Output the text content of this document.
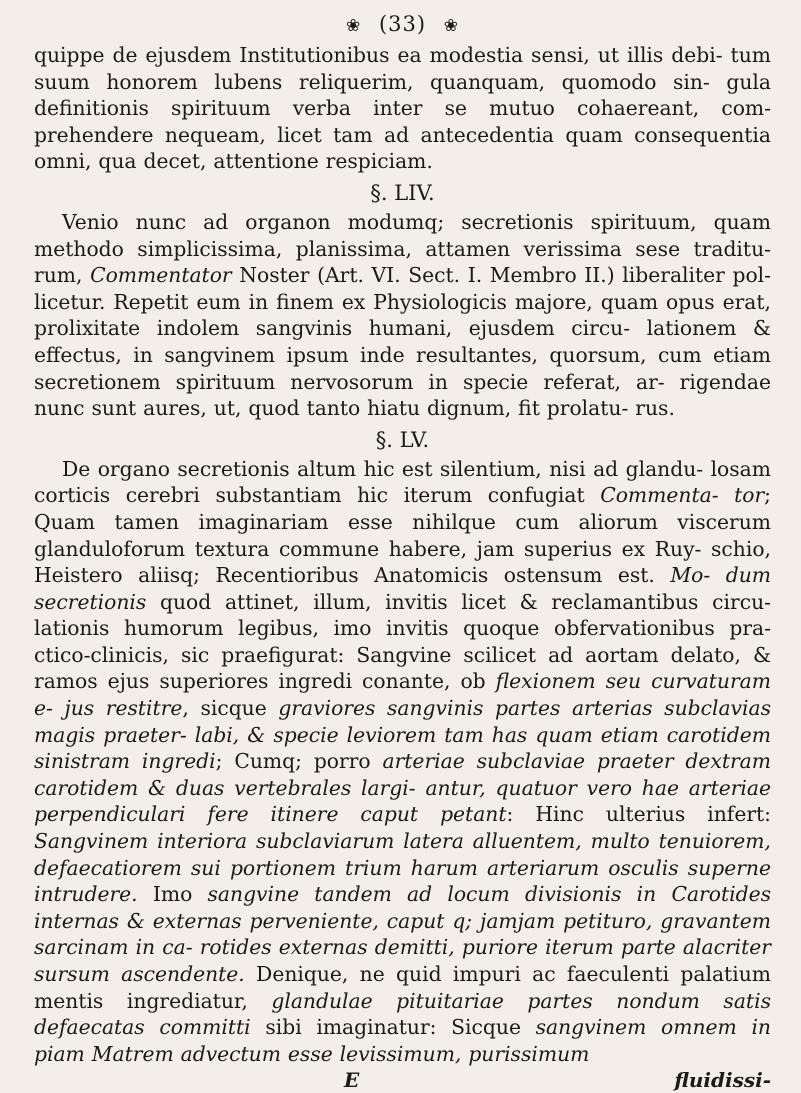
❀ (33) ❀

quippe de ejusdem Institutionibus ea modestia sensi, ut illis debi- tum suum honorem lubens reliquerim, quanquam, quomodo sin- gula definitionis spirituum verba inter se mutuo cohaereant, com- prehendere nequeam, licet tam ad antecedentia quam consequentia omni, qua decet, attentione respiciam.

§. LIV.

Venio nunc ad organon modumq; secretionis spirituum, quam methodo simplicissima, planissima, attamen verissima sese traditu- rum, Commentator Noster (Art. VI. Sect. I. Membro II.) liberaliter pol- licetur. Repetit eum in finem ex Physiologicis majore, quam opus erat, prolixitate indolem sangvinis humani, ejusdem circu- lationem & effectus, in sangvinem ipsum inde resultantes, quorsum, cum etiam secretionem spirituum nervosorum in specie referat, ar- rigendae nunc sunt aures, ut, quod tanto hiatu dignum, fit prolatu- rus.

§. LV.

De organo secretionis altum hic est silentium, nisi ad glandu- losam corticis cerebri substantiam hic iterum confugiat Commenta- tor; Quam tamen imaginariam esse nihilque cum aliorum viscerum glanduloforum textura commune habere, jam superius ex Ruy- schio, Heistero aliisq; Recentioribus Anatomicis ostensum est. Mo- dum secretionis quod attinet, illum, invitis licet & reclamantibus circu- lationis humorum legibus, imo invitis quoque obfervationibus pra- ctico-clinicis, sic praefigurat: Sangvine scilicet ad aortam delato, & ramos ejus superiores ingredi conante, ob flexionem seu curvaturam e- jus restitre, sicque graviores sangvinis partes arterias subclavias magis praeter- labi, & specie leviorem tam has quam etiam carotidem sinistram ingredi; Cumq; porro arteriae subclaviae praeter dextram carotidem & duas vertebrales largi- antur, quatuor vero hae arteriae perpendiculari fere itinere caput petant: Hinc ulterius infert: Sangvinem interiora subclaviarum latera alluentem, multo tenuiorem, defaecatiorem sui portionem trium harum arteriarum osculis superne intrudere. Imo sangvine tandem ad locum divisionis in Carotides internas & externas perveniente, caput q; jamjam petituro, gravantem sarcinam in ca- rotides externas demitti, puriore iterum parte alacriter sursum ascendente. Denique, ne quid impuri ac faeculenti palatium mentis ingrediatur, glandulae pituitariae partes nondum satis defaecatas committi sibi imaginatur: Sicque sangvinem omnem in piam Matrem advectum esse levissimum, purissimum

E	fluidissi-
